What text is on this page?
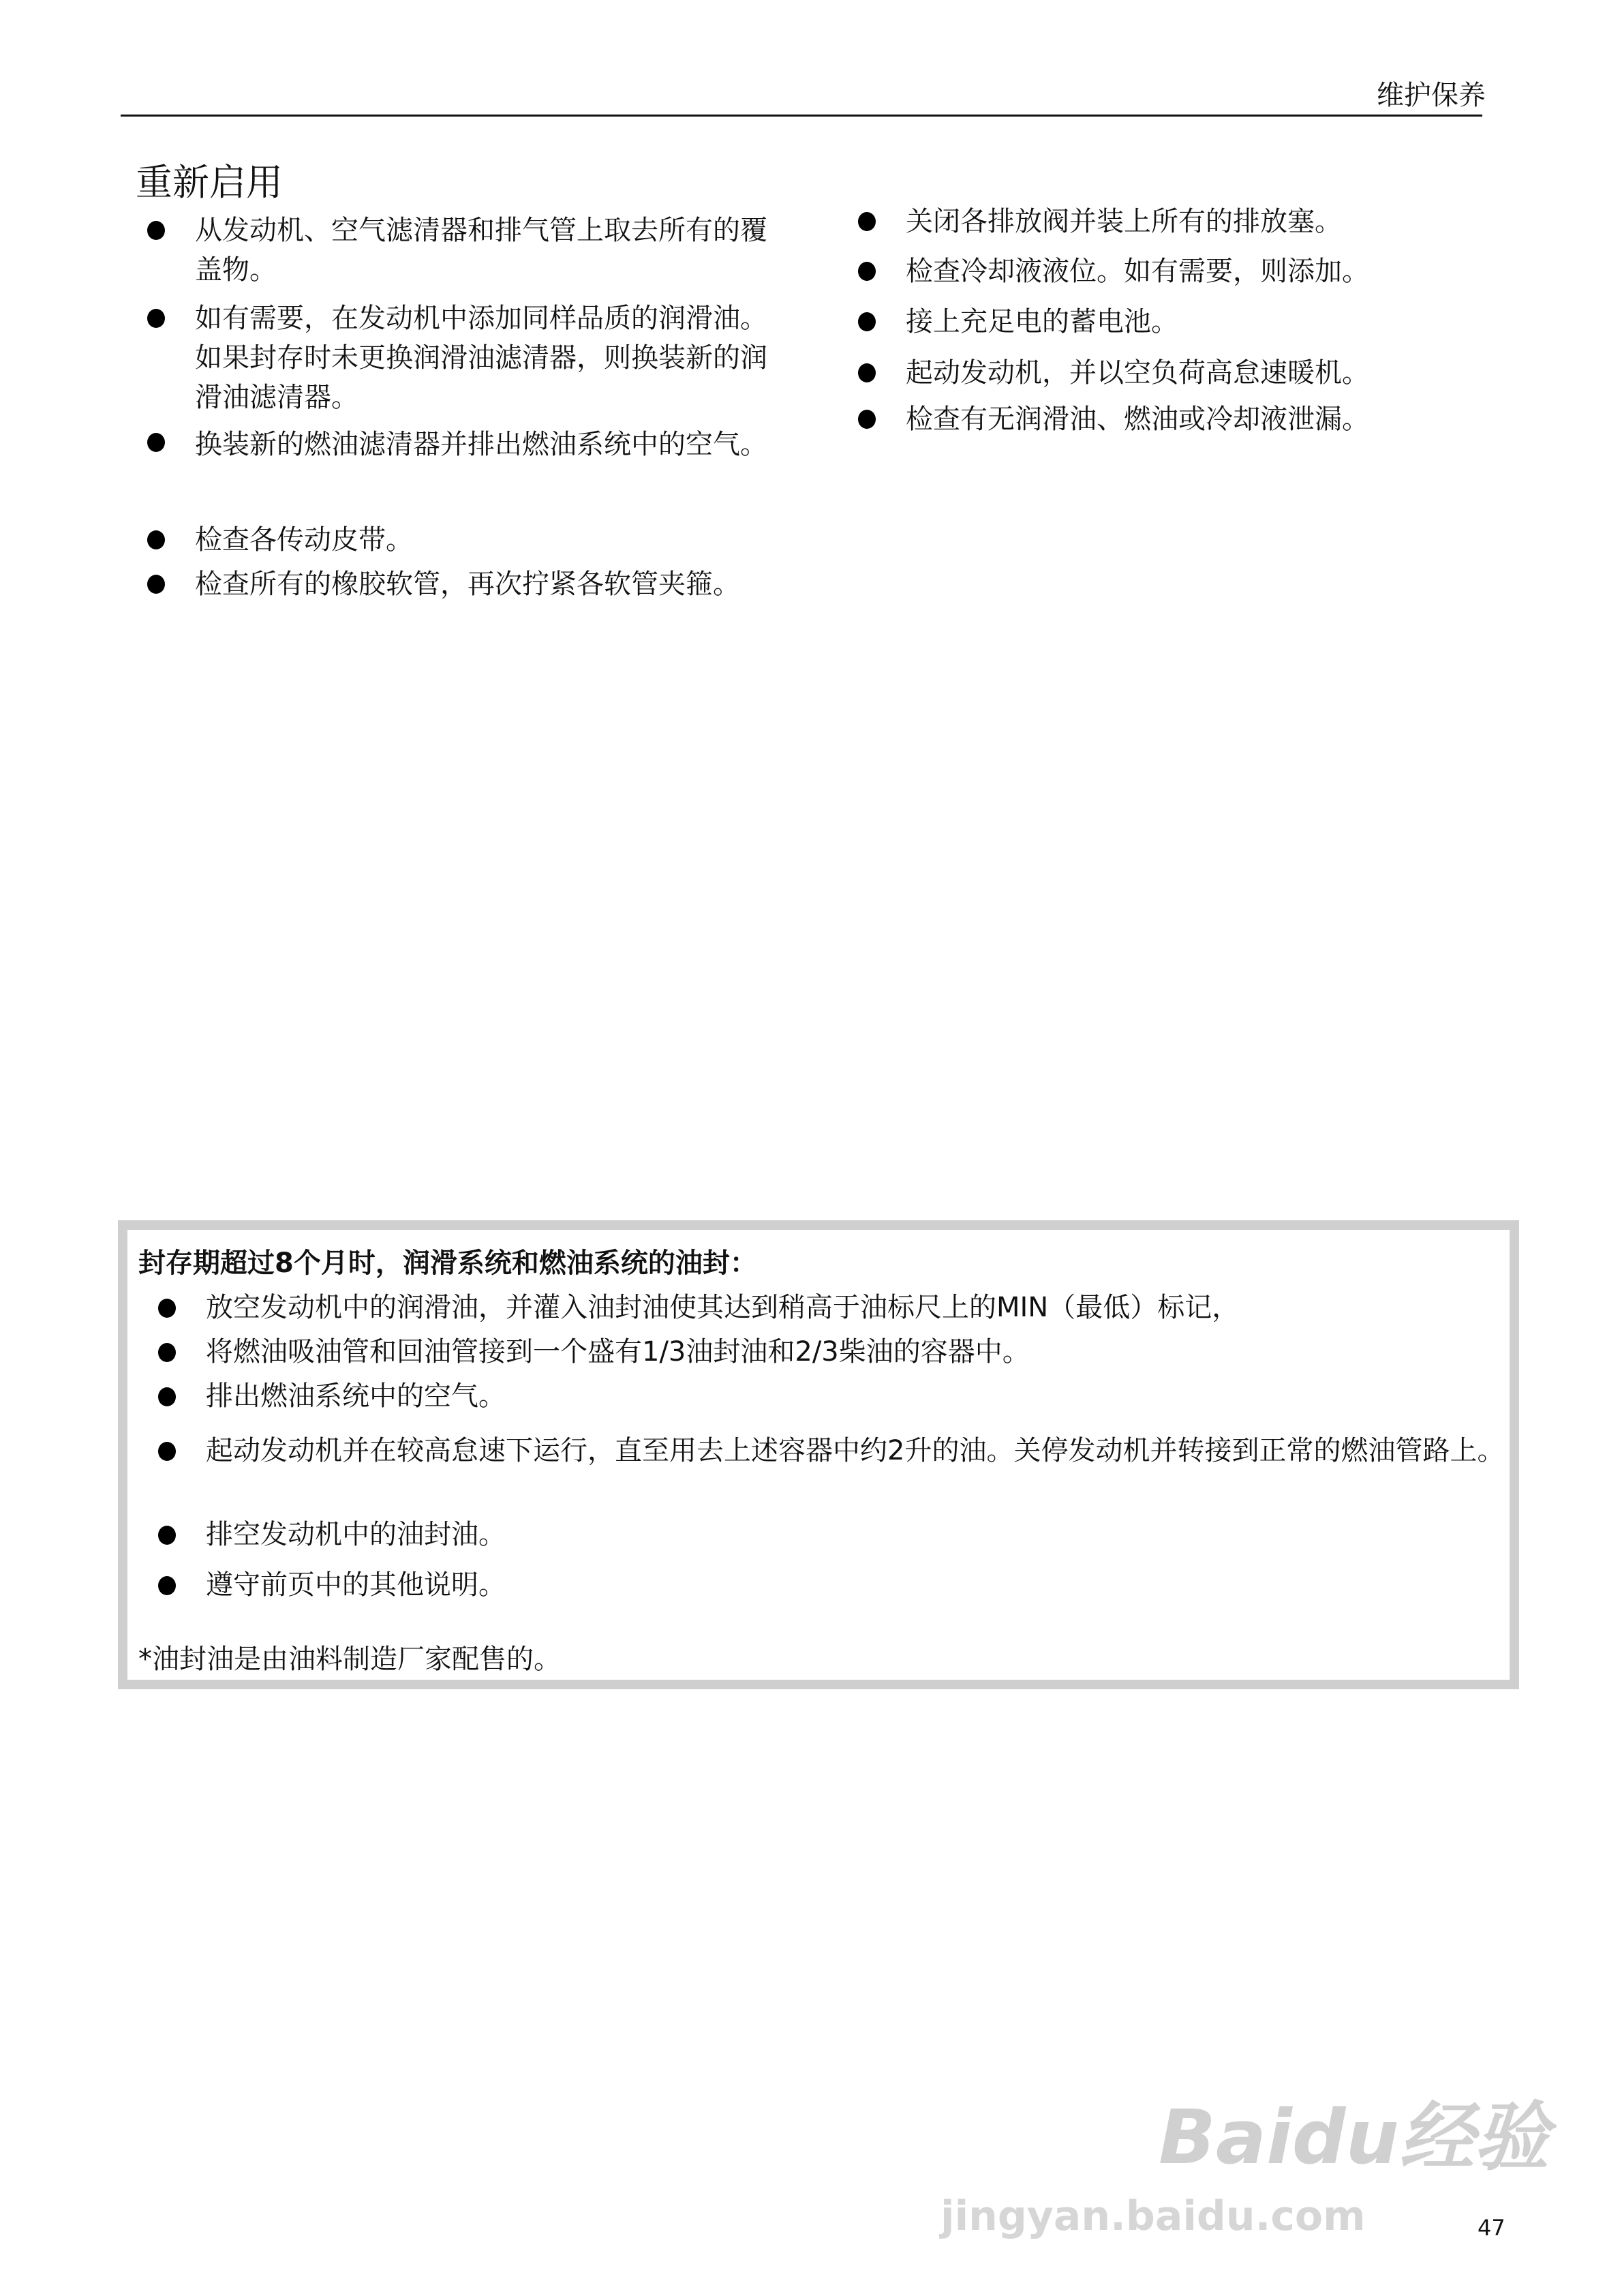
维护保养
重新启用
从发动机、空气滤清器和排气管上取去所有的覆盖物。
如有需要，在发动机中添加同样品质的润滑油。如果封存时未更换润滑油滤清器，则换装新的润滑油滤清器。
换装新的燃油滤清器并排出燃油系统中的空气。
检查各传动皮带。
检查所有的橡胶软管，再次拧紧各软管夹箍。
关闭各排放阀并装上所有的排放塞。
检查冷却液液位。如有需要，则添加。
接上充足电的蓄电池。
起动发动机，并以空负荷高怠速暖机。
检查有无润滑油、燃油或冷却液泄漏。
封存期超过8个月时，润滑系统和燃油系统的油封：
放空发动机中的润滑油，并灌入油封油使其达到稍高于油标尺上的MIN（最低）标记，
将燃油吸油管和回油管接到一个盛有1/3油封油和2/3柴油的容器中。
排出燃油系统中的空气。
起动发动机并在较高怠速下运行，直至用去上述容器中约2升的油。关停发动机并转接到正常的燃油管路上。
排空发动机中的油封油。
遵守前页中的其他说明。
*油封油是由油料制造厂家配售的。
Baidu经验
jingyan.baidu.com	47
